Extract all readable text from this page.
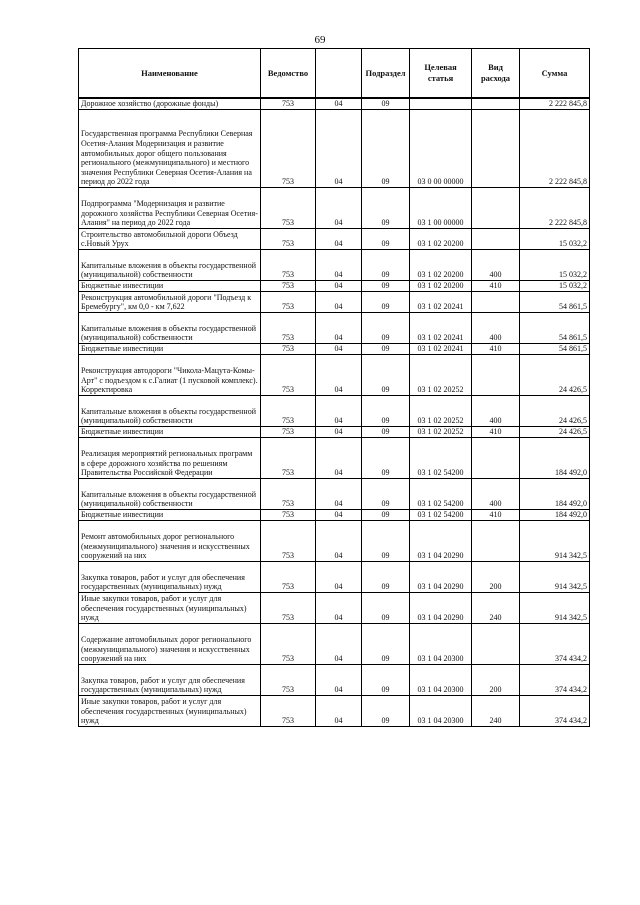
69
Наименование	Ведомство		Подраздел	Целевая статья	Вид расхода	Сумма
Дорожное хозяйство (дорожные фонды)	753	04	09			2 222 845,8
Государственная программа Республики Северная Осетия-Алания Модернизация и развитие автомобильных дорог общего пользования регионального (межмуниципального) и местного значения Республики Северная Осетия-Алания на период до 2022 года	753	04	09	03 0 00 00000		2 222 845,8
Подпрограмма "Модернизация и развитие дорожного хозяйства Республики Северная Осетия-Алания" на период до 2022 года	753	04	09	03 1 00 00000		2 222 845,8
Строительство автомобильной дороги Объезд с.Новый Урух	753	04	09	03 1 02 20200		15 032,2
Капитальные вложения в объекты государственной (муниципальной) собственности	753	04	09	03 1 02 20200	400	15 032,2
Бюджетные инвестиции	753	04	09	03 1 02 20200	410	15 032,2
Реконструкция автомобильной дороги "Подъезд к Бремебургу", км 0,0 - км 7,622	753	04	09	03 1 02 20241		54 861,5
Капитальные вложения в объекты государственной (муниципальной) собственности	753	04	09	03 1 02 20241	400	54 861,5
Бюджетные инвестиции	753	04	09	03 1 02 20241	410	54 861,5
Реконструкция автодороги "Чикола-Мацута-Комы-Арт" с подъездом к с.Галиат (1 пусковой комплекс). Корректировка	753	04	09	03 1 02 20252		24 426,5
Капитальные вложения в объекты государственной (муниципальной) собственности	753	04	09	03 1 02 20252	400	24 426,5
Бюджетные инвестиции	753	04	09	03 1 02 20252	410	24 426,5
Реализация мероприятий региональных программ в сфере дорожного хозяйства по решениям Правительства Российской Федерации	753	04	09	03 1 02 54200		184 492,0
Капитальные вложения в объекты государственной (муниципальной) собственности	753	04	09	03 1 02 54200	400	184 492,0
Бюджетные инвестиции	753	04	09	03 1 02 54200	410	184 492,0
Ремонт автомобильных дорог регионального (межмуниципального) значения и искусственных сооружений на них	753	04	09	03 1 04 20290		914 342,5
Закупка товаров, работ и услуг для обеспечения государственных (муниципальных) нужд	753	04	09	03 1 04 20290	200	914 342,5
Иные закупки товаров, работ и услуг для обеспечения государственных (муниципальных) нужд	753	04	09	03 1 04 20290	240	914 342,5
Содержание автомобильных дорог регионального (межмуниципального) значения и искусственных сооружений на них	753	04	09	03 1 04 20300		374 434,2
Закупка товаров, работ и услуг для обеспечения государственных (муниципальных) нужд	753	04	09	03 1 04 20300	200	374 434,2
Иные закупки товаров, работ и услуг для обеспечения государственных (муниципальных) нужд	753	04	09	03 1 04 20300	240	374 434,2
